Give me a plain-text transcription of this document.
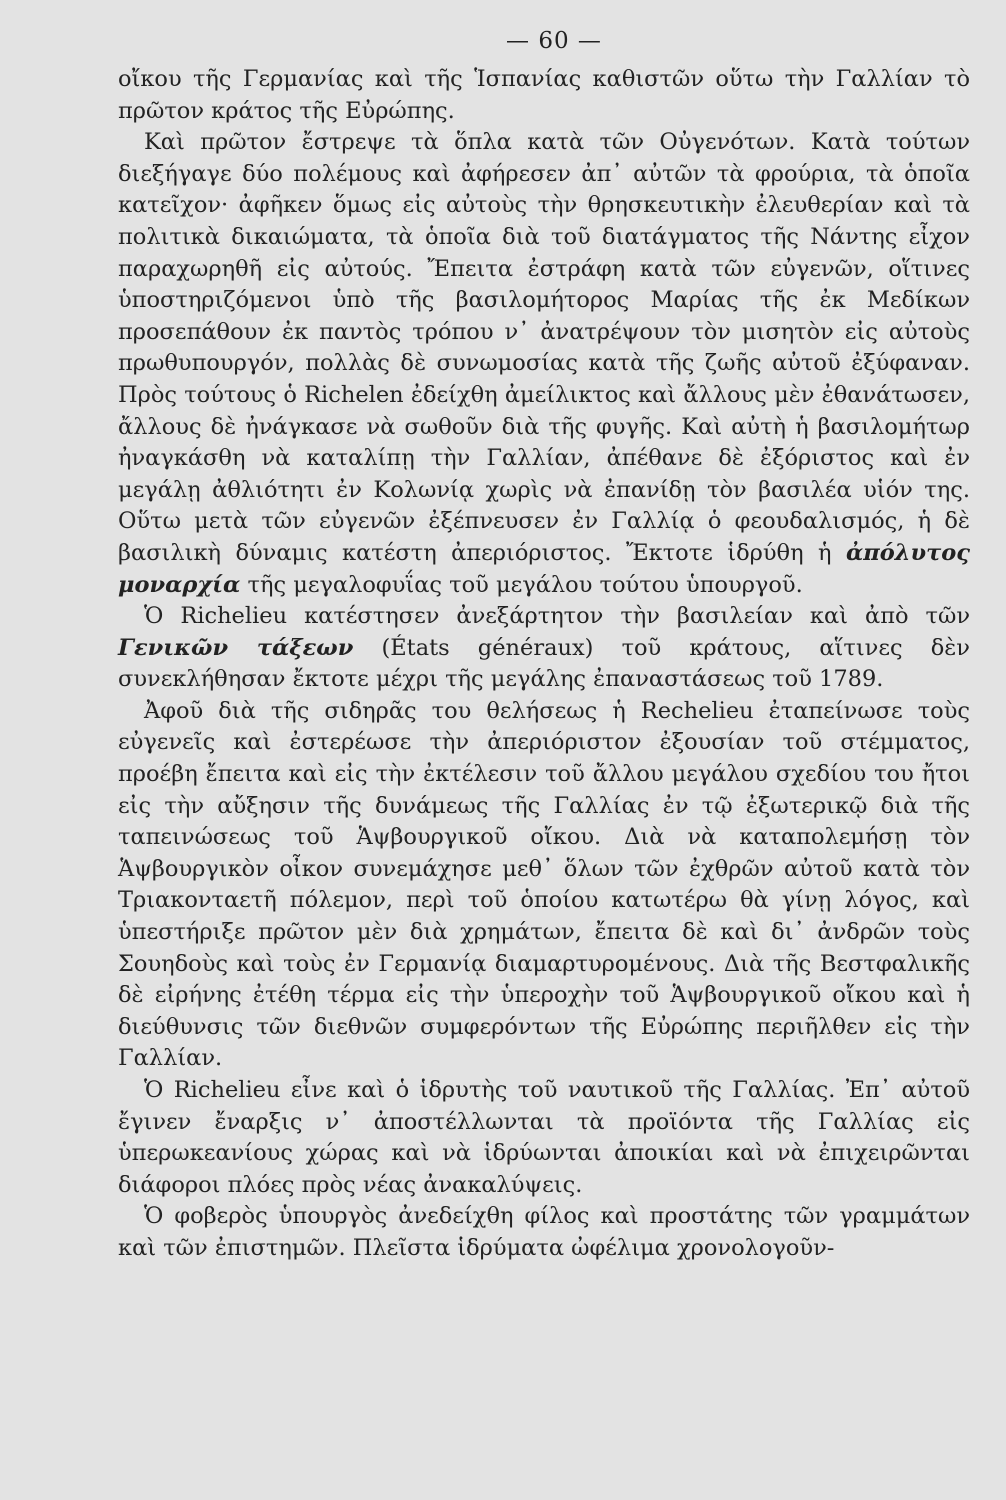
— 60 —

οἴκου τῆς Γερμανίας καὶ τῆς Ἱσπανίας καθιστῶν οὕτω τὴν Γαλλίαν τὸ πρῶτον κράτος τῆς Εὐρώπης.

Καὶ πρῶτον ἔστρεψε τὰ ὅπλα κατὰ τῶν Οὐγενότων. Κατὰ τούτων διεξήγαγε δύο πολέμους καὶ ἀφήρεσεν ἀπ᾽ αὐτῶν τὰ φρούρια, τὰ ὁποῖα κατεῖχον· ἀφῆκεν ὅμως εἰς αὐτοὺς τὴν θρησκευτικὴν ἐλευθερίαν καὶ τὰ πολιτικὰ δικαιώματα, τὰ ὁποῖα διὰ τοῦ διατάγματος τῆς Νάντης εἶχον παραχωρηθῆ εἰς αὐτούς. Ἔπειτα ἐστράφη κατὰ τῶν εὐγενῶν, οἵτινες ὑποστηριζόμενοι ὑπὸ τῆς βασιλομήτορος Μαρίας τῆς ἐκ Μεδίκων προσεπάθουν ἐκ παντὸς τρόπου ν᾽ ἀνατρέψουν τὸν μισητὸν εἰς αὐτοὺς πρωθυπουργόν, πολλὰς δὲ συνωμοσίας κατὰ τῆς ζωῆς αὐτοῦ ἐξύφαναν. Πρὸς τούτους ὁ Richelen ἐδείχθη ἀμείλικτος καὶ ἄλλους μὲν ἐθανάτωσεν, ἄλλους δὲ ἠνάγκασε νὰ σωθοῦν διὰ τῆς φυγῆς. Καὶ αὐτὴ ἡ βασιλομήτωρ ἠναγκάσθη νὰ καταλίπῃ τὴν Γαλλίαν, ἀπέθανε δὲ ἐξόριστος καὶ ἐν μεγάλῃ ἀθλιότητι ἐν Κολωνίᾳ χωρὶς νὰ ἐπανίδῃ τὸν βασιλέα υἱόν της. Οὕτω μετὰ τῶν εὐγενῶν ἐξέπνευσεν ἐν Γαλλίᾳ ὁ φεουδαλισμός, ἡ δὲ βασιλικὴ δύναμις κατέστη ἀπεριόριστος. Ἔκτοτε ἱδρύθη ἡ ἀπόλυτος μοναρχία τῆς μεγαλοφυΐας τοῦ μεγάλου τούτου ὑπουργοῦ.

Ὁ Richelieu κατέστησεν ἀνεξάρτητον τὴν βασιλείαν καὶ ἀπὸ τῶν Γενικῶν τάξεων (États généraux) τοῦ κράτους, αἵτινες δὲν συνεκλήθησαν ἔκτοτε μέχρι τῆς μεγάλης ἐπαναστάσεως τοῦ 1789.

Ἀφοῦ διὰ τῆς σιδηρᾶς του θελήσεως ἡ Rechelieu ἐταπείνωσε τοὺς εὐγενεῖς καὶ ἐστερέωσε τὴν ἀπεριόριστον ἐξουσίαν τοῦ στέμματος, προέβη ἔπειτα καὶ εἰς τὴν ἐκτέλεσιν τοῦ ἄλλου μεγάλου σχεδίου του ἤτοι εἰς τὴν αὔξησιν τῆς δυνάμεως τῆς Γαλλίας ἐν τῷ ἐξωτερικῷ διὰ τῆς ταπεινώσεως τοῦ Ἁψβουργικοῦ οἴκου. Διὰ νὰ καταπολεμήσῃ τὸν Ἁψβουργικὸν οἶκον συνεμάχησε μεθ᾽ ὅλων τῶν ἐχθρῶν αὐτοῦ κατὰ τὸν Τριακονταετῆ πόλεμον, περὶ τοῦ ὁποίου κατωτέρω θὰ γίνῃ λόγος, καὶ ὑπεστήριξε πρῶτον μὲν διὰ χρημάτων, ἔπειτα δὲ καὶ δι᾽ ἀνδρῶν τοὺς Σουηδοὺς καὶ τοὺς ἐν Γερμανίᾳ διαμαρτυρομένους. Διὰ τῆς Βεστφαλικῆς δὲ εἰρήνης ἐτέθη τέρμα εἰς τὴν ὑπεροχὴν τοῦ Ἁψβουργικοῦ οἴκου καὶ ἡ διεύθυνσις τῶν διεθνῶν συμφερόντων τῆς Εὐρώπης περιῆλθεν εἰς τὴν Γαλλίαν.

Ὁ Richelieu εἶνε καὶ ὁ ἱδρυτὴς τοῦ ναυτικοῦ τῆς Γαλλίας. Ἐπ᾽ αὐτοῦ ἔγινεν ἔναρξις ν᾽ ἀποστέλλωνται τὰ προϊόντα τῆς Γαλλίας εἰς ὑπερωκεανίους χώρας καὶ νὰ ἱδρύωνται ἀποικίαι καὶ νὰ ἐπιχειρῶνται διάφοροι πλόες πρὸς νέας ἀνακαλύψεις.

Ὁ φοβερὸς ὑπουργὸς ἀνεδείχθη φίλος καὶ προστάτης τῶν γραμμάτων καὶ τῶν ἐπιστημῶν. Πλεῖστα ἱδρύματα ὠφέλιμα χρονολογοῦν-
